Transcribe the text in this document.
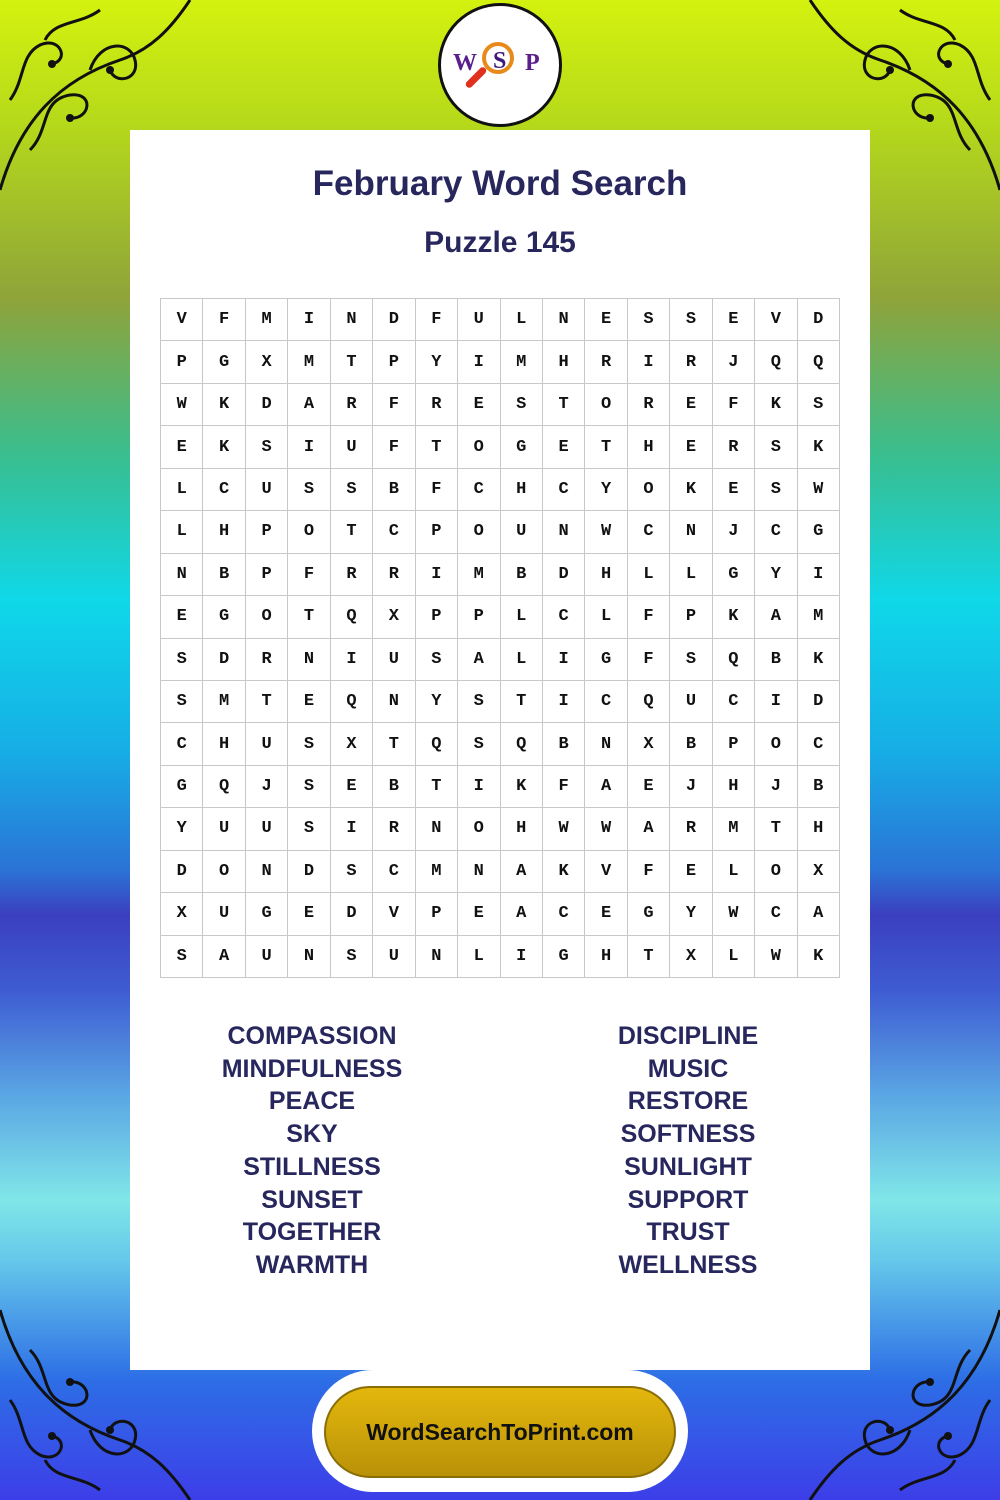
W S P
February Word Search
Puzzle 145
V	F	M	I	N	D	F	U	L	N	E	S	S	E	V	D
P	G	X	M	T	P	Y	I	M	H	R	I	R	J	Q	Q
W	K	D	A	R	F	R	E	S	T	O	R	E	F	K	S
E	K	S	I	U	F	T	O	G	E	T	H	E	R	S	K
L	C	U	S	S	B	F	C	H	C	Y	O	K	E	S	W
L	H	P	O	T	C	P	O	U	N	W	C	N	J	C	G
N	B	P	F	R	R	I	M	B	D	H	L	L	G	Y	I
E	G	O	T	Q	X	P	P	L	C	L	F	P	K	A	M
S	D	R	N	I	U	S	A	L	I	G	F	S	Q	B	K
S	M	T	E	Q	N	Y	S	T	I	C	Q	U	C	I	D
C	H	U	S	X	T	Q	S	Q	B	N	X	B	P	O	C
G	Q	J	S	E	B	T	I	K	F	A	E	J	H	J	B
Y	U	U	S	I	R	N	O	H	W	W	A	R	M	T	H
D	O	N	D	S	C	M	N	A	K	V	F	E	L	O	X
X	U	G	E	D	V	P	E	A	C	E	G	Y	W	C	A
S	A	U	N	S	U	N	L	I	G	H	T	X	L	W	K
COMPASSION
MINDFULNESS
PEACE
SKY
STILLNESS
SUNSET
TOGETHER
WARMTH
DISCIPLINE
MUSIC
RESTORE
SOFTNESS
SUNLIGHT
SUPPORT
TRUST
WELLNESS
WordSearchToPrint.com
